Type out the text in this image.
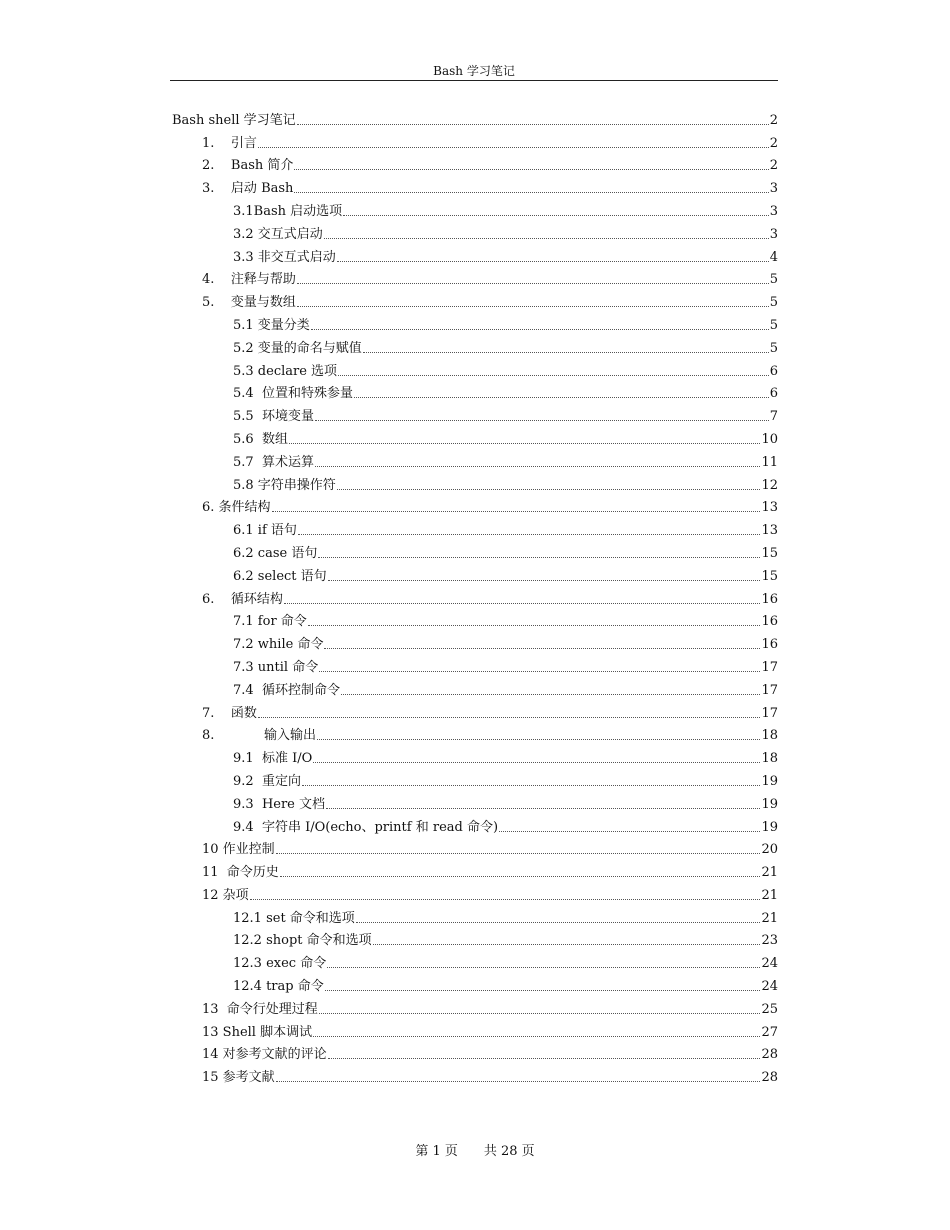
Bash 学习笔记
Bash shell 学习笔记	2
1.    引言	2
2.    Bash 简介	2
3.    启动 Bash	3
3.1Bash 启动选项	3
3.2 交互式启动	3
3.3 非交互式启动	4
4.    注释与帮助	5
5.    变量与数组	5
5.1 变量分类	5
5.2 变量的命名与赋值	5
5.3 declare 选项	6
5.4  位置和特殊参量	6
5.5  环境变量	7
5.6  数组	10
5.7  算术运算	11
5.8 字符串操作符	12
6. 条件结构	13
6.1 if 语句	13
6.2 case 语句	15
6.2 select 语句	15
6.    循环结构	16
7.1 for 命令	16
7.2 while 命令	16
7.3 until 命令	17
7.4  循环控制命令	17
7.    函数	17
8.            输入输出	18
9.1  标准 I/O	18
9.2  重定向	19
9.3  Here 文档	19
9.4  字符串 I/O(echo、printf 和 read 命令)	19
10 作业控制	20
11  命令历史	21
12 杂项	21
12.1 set 命令和选项	21
12.2 shopt 命令和选项	23
12.3 exec 命令	24
12.4 trap 命令	24
13  命令行处理过程	25
13 Shell 脚本调试	27
14 对参考文献的评论	28
15 参考文献	28
第 1 页 共 28 页
